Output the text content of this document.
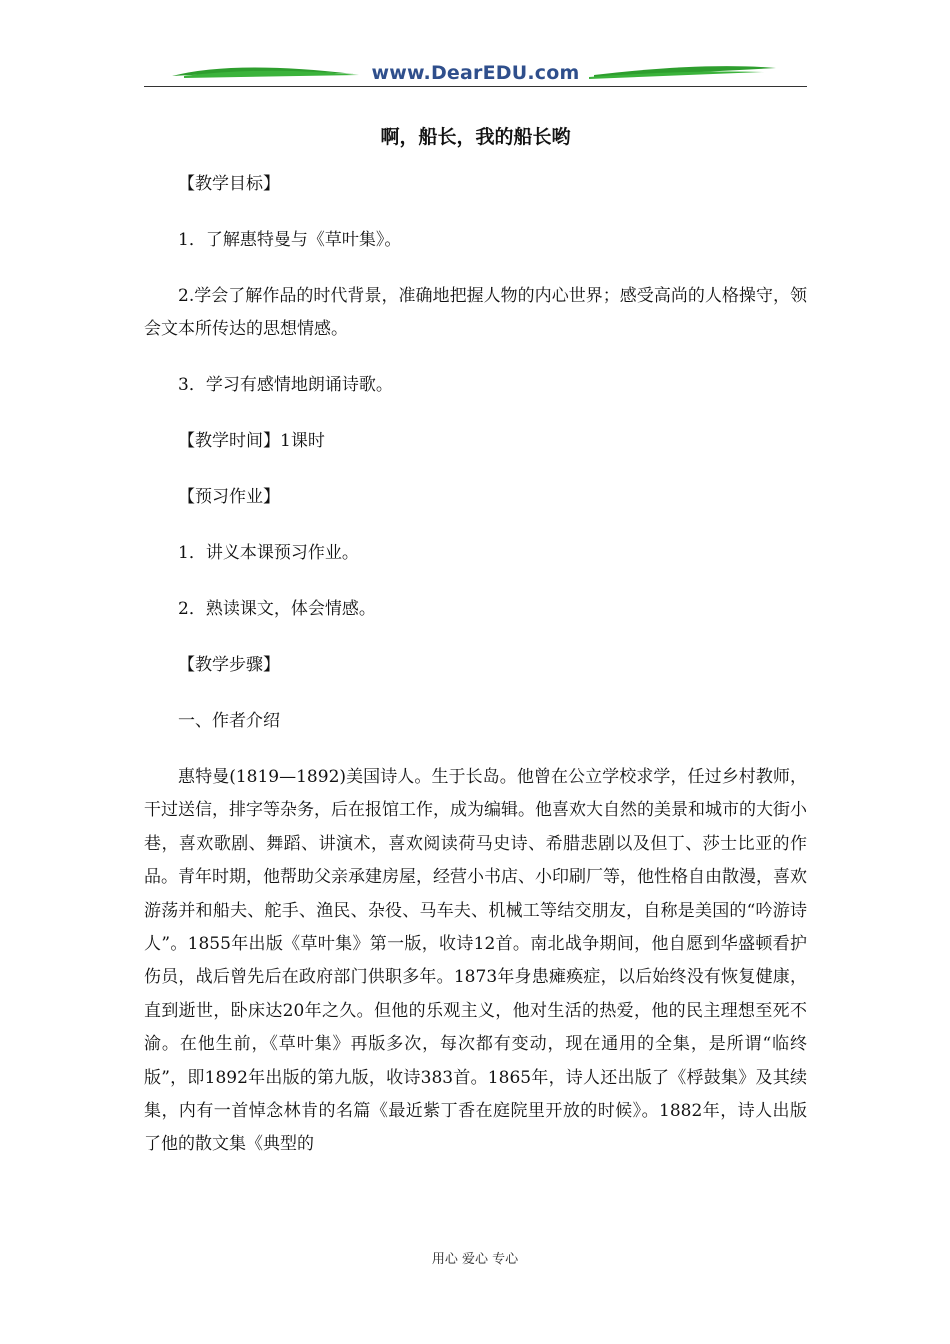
www.DearEDU.com
啊，船长，我的船长哟
【教学目标】
1．了解惠特曼与《草叶集》。
2.学会了解作品的时代背景，准确地把握人物的内心世界；感受高尚的人格操守，领会文本所传达的思想情感。
3．学习有感情地朗诵诗歌。
【教学时间】1课时
【预习作业】
1．讲义本课预习作业。
2．熟读课文，体会情感。
【教学步骤】
一、作者介绍
惠特曼(1819—1892)美国诗人。生于长岛。他曾在公立学校求学，任过乡村教师，干过送信，排字等杂务，后在报馆工作，成为编辑。他喜欢大自然的美景和城市的大街小巷，喜欢歌剧、舞蹈、讲演术，喜欢阅读荷马史诗、希腊悲剧以及但丁、莎士比亚的作品。青年时期，他帮助父亲承建房屋，经营小书店、小印刷厂等，他性格自由散漫，喜欢游荡并和船夫、舵手、渔民、杂役、马车夫、机械工等结交朋友，自称是美国的“吟游诗人”。1855年出版《草叶集》第一版，收诗12首。南北战争期间，他自愿到华盛顿看护伤员，战后曾先后在政府部门供职多年。1873年身患瘫痪症，以后始终没有恢复健康，直到逝世，卧床达20年之久。但他的乐观主义，他对生活的热爱，他的民主理想至死不渝。在他生前，《草叶集》再版多次，每次都有变动，现在通用的全集，是所谓“临终版”，即1892年出版的第九版，收诗383首。1865年，诗人还出版了《桴鼓集》及其续集，内有一首悼念林肯的名篇《最近紫丁香在庭院里开放的时候》。1882年，诗人出版了他的散文集《典型的
用心 爱心 专心
